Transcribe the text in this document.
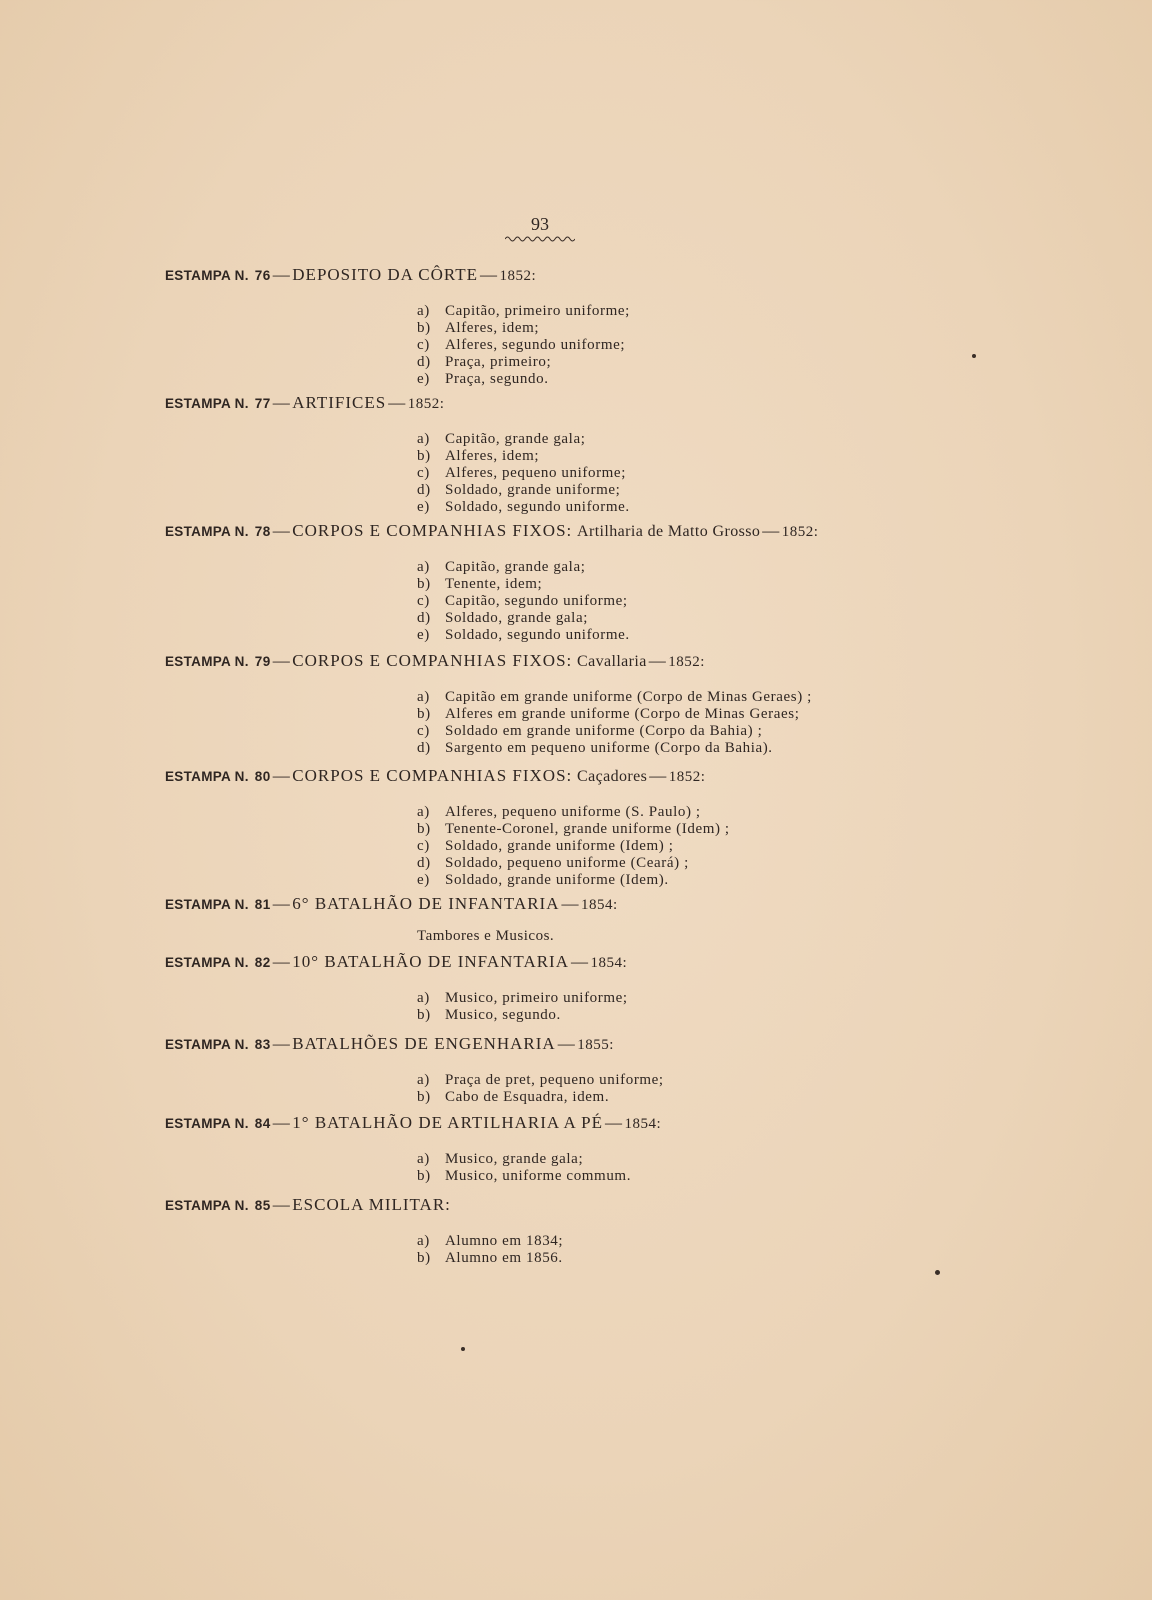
93
ESTAMPA N. 76 — DEPOSITO DA CÔRTE — 1852:
a) Capitão, primeiro uniforme;
b) Alferes, idem;
c) Alferes, segundo uniforme;
d) Praça, primeiro;
e) Praça, segundo.
ESTAMPA N. 77 — ARTIFICES — 1852:
a) Capitão, grande gala;
b) Alferes, idem;
c) Alferes, pequeno uniforme;
d) Soldado, grande uniforme;
e) Soldado, segundo uniforme.
ESTAMPA N. 78 — CORPOS E COMPANHIAS FIXOS: Artilharia de Matto Grosso — 1852:
a) Capitão, grande gala;
b) Tenente, idem;
c) Capitão, segundo uniforme;
d) Soldado, grande gala;
e) Soldado, segundo uniforme.
ESTAMPA N. 79 — CORPOS E COMPANHIAS FIXOS: Cavallaria — 1852:
a) Capitão em grande uniforme (Corpo de Minas Geraes) ;
b) Alferes em grande uniforme (Corpo de Minas Geraes;
c) Soldado em grande uniforme (Corpo da Bahia) ;
d) Sargento em pequeno uniforme (Corpo da Bahia).
ESTAMPA N. 80 — CORPOS E COMPANHIAS FIXOS: Caçadores — 1852:
a) Alferes, pequeno uniforme (S. Paulo) ;
b) Tenente-Coronel, grande uniforme (Idem) ;
c) Soldado, grande uniforme (Idem) ;
d) Soldado, pequeno uniforme (Ceará) ;
e) Soldado, grande uniforme (Idem).
ESTAMPA N. 81 — 6° BATALHÃO DE INFANTARIA — 1854:
Tambores e Musicos.
ESTAMPA N. 82 — 10° BATALHÃO DE INFANTARIA — 1854:
a) Musico, primeiro uniforme;
b) Musico, segundo.
ESTAMPA N. 83 — BATALHÕES DE ENGENHARIA — 1855:
a) Praça de pret, pequeno uniforme;
b) Cabo de Esquadra, idem.
ESTAMPA N. 84 — 1° BATALHÃO DE ARTILHARIA A PÉ — 1854:
a) Musico, grande gala;
b) Musico, uniforme commum.
ESTAMPA N. 85 — ESCOLA MILITAR:
a) Alumno em 1834;
b) Alumno em 1856.
